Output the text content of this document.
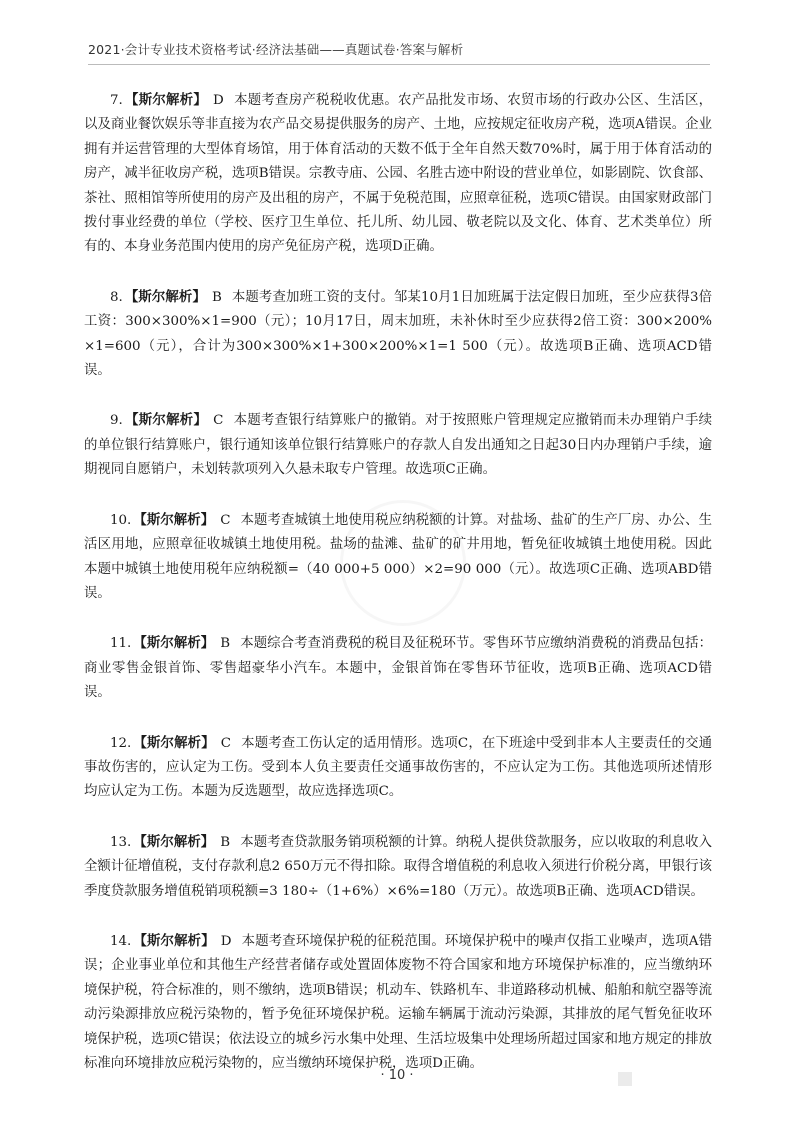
2021·会计专业技术资格考试·经济法基础——真题试卷·答案与解析

7. 【斯尔解析】 D 本题考查房产税税收优惠。农产品批发市场、农贸市场的行政办公区、生活区，以及商业餐饮娱乐等非直接为农产品交易提供服务的房产、土地，应按规定征收房产税，选项A错误。企业拥有并运营管理的大型体育场馆，用于体育活动的天数不低于全年自然天数70%时，属于用于体育活动的房产，减半征收房产税，选项B错误。宗教寺庙、公园、名胜古迹中附设的营业单位，如影剧院、饮食部、茶社、照相馆等所使用的房产及出租的房产，不属于免税范围，应照章征税，选项C错误。由国家财政部门拨付事业经费的单位（学校、医疗卫生单位、托儿所、幼儿园、敬老院以及文化、体育、艺术类单位）所有的、本身业务范围内使用的房产免征房产税，选项D正确。

8. 【斯尔解析】 B 本题考查加班工资的支付。邹某10月1日加班属于法定假日加班，至少应获得3倍工资：300×300%×1=900（元）；10月17日，周末加班，未补休时至少应获得2倍工资：300×200%×1=600（元），合计为300×300%×1+300×200%×1=1 500（元）。故选项B正确、选项ACD错误。

9. 【斯尔解析】 C 本题考查银行结算账户的撤销。对于按照账户管理规定应撤销而未办理销户手续的单位银行结算账户，银行通知该单位银行结算账户的存款人自发出通知之日起30日内办理销户手续，逾期视同自愿销户，未划转款项列入久悬未取专户管理。故选项C正确。

10. 【斯尔解析】 C 本题考查城镇土地使用税应纳税额的计算。对盐场、盐矿的生产厂房、办公、生活区用地，应照章征收城镇土地使用税。盐场的盐滩、盐矿的矿井用地，暂免征收城镇土地使用税。因此本题中城镇土地使用税年应纳税额=（40 000+5 000）×2=90 000（元）。故选项C正确、选项ABD错误。

11. 【斯尔解析】 B 本题综合考查消费税的税目及征税环节。零售环节应缴纳消费税的消费品包括：商业零售金银首饰、零售超豪华小汽车。本题中，金银首饰在零售环节征收，选项B正确、选项ACD错误。

12. 【斯尔解析】 C 本题考查工伤认定的适用情形。选项C，在下班途中受到非本人主要责任的交通事故伤害的，应认定为工伤。受到本人负主要责任交通事故伤害的，不应认定为工伤。其他选项所述情形均应认定为工伤。本题为反选题型，故应选择选项C。

13. 【斯尔解析】 B 本题考查贷款服务销项税额的计算。纳税人提供贷款服务，应以收取的利息收入全额计征增值税，支付存款利息2 650万元不得扣除。取得含增值税的利息收入须进行价税分离，甲银行该季度贷款服务增值税销项税额=3 180÷（1+6%）×6%=180（万元）。故选项B正确、选项ACD错误。

14. 【斯尔解析】 D 本题考查环境保护税的征税范围。环境保护税中的噪声仅指工业噪声，选项A错误；企业事业单位和其他生产经营者储存或处置固体废物不符合国家和地方环境保护标准的，应当缴纳环境保护税，符合标准的，则不缴纳，选项B错误；机动车、铁路机车、非道路移动机械、船舶和航空器等流动污染源排放应税污染物的，暂予免征环境保护税。运输车辆属于流动污染源，其排放的尾气暂免征收环境保护税，选项C错误；依法设立的城乡污水集中处理、生活垃圾集中处理场所超过国家和地方规定的排放标准向环境排放应税污染物的，应当缴纳环境保护税，选项D正确。

· 10 ·
